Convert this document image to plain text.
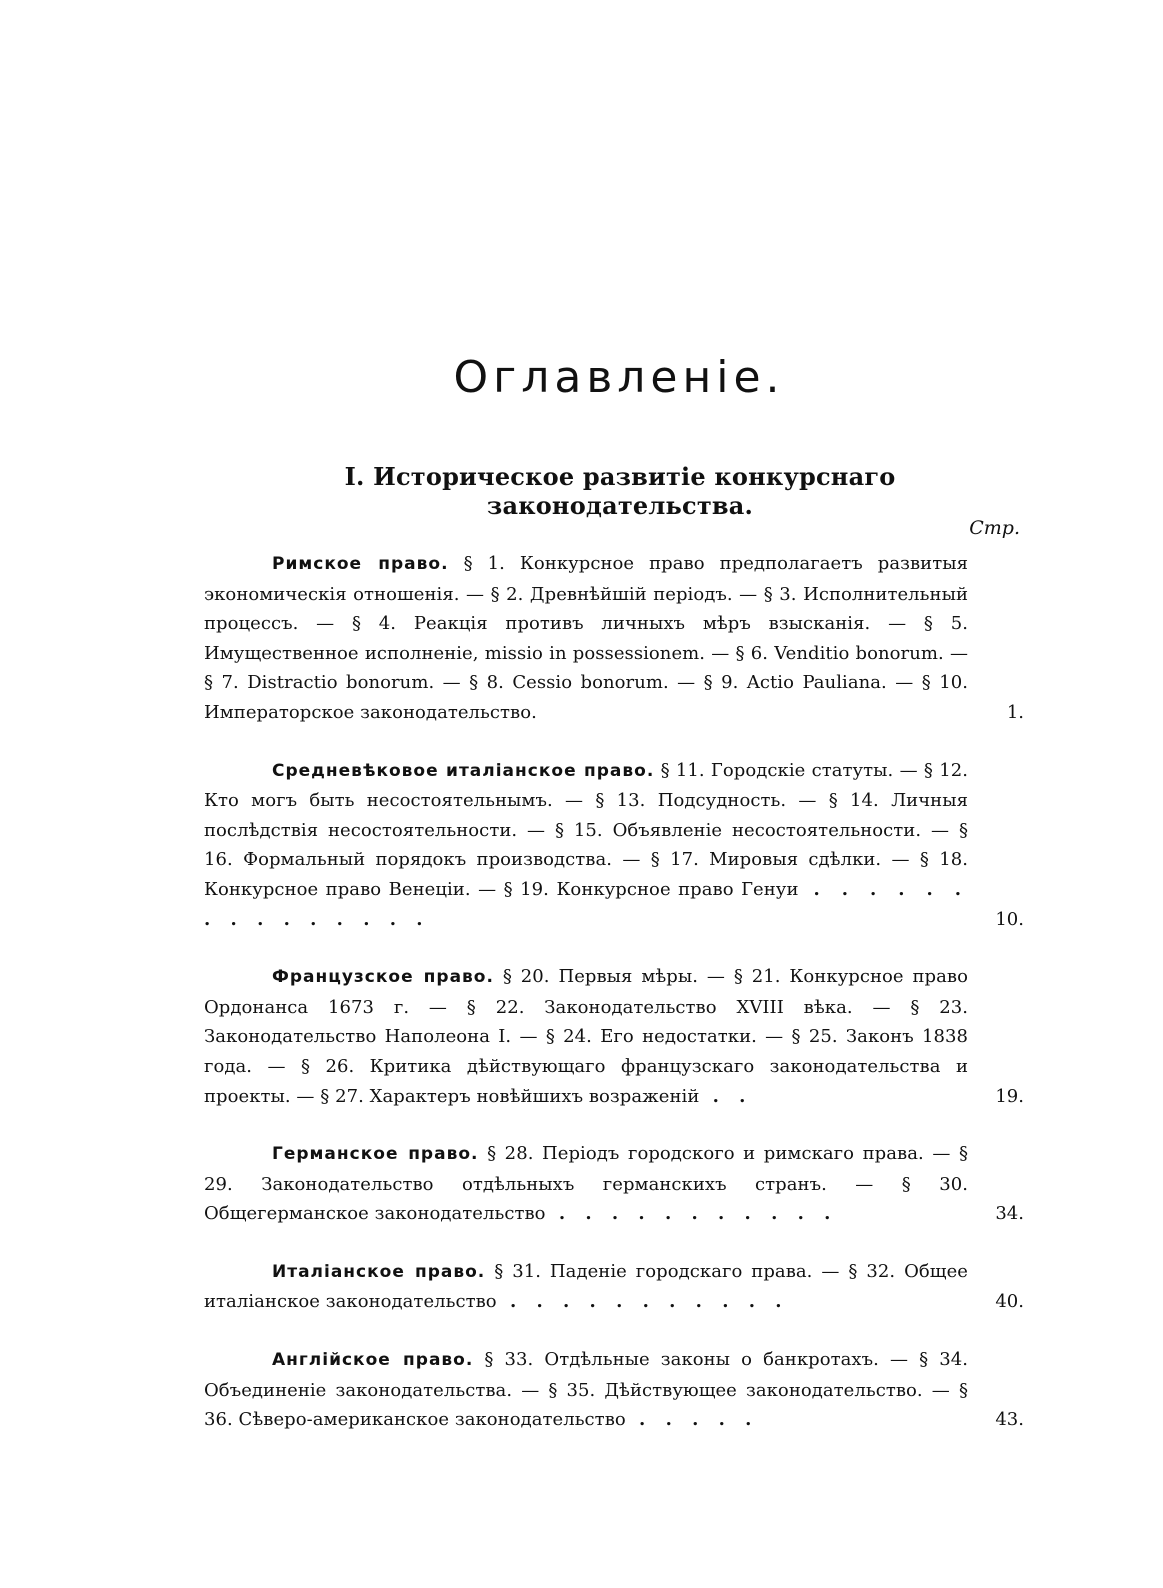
Оглавленіе.
I. Историческое развитіе конкурснаго законодательства.
Стр.
Римское право. § 1. Конкурсное право предполагаетъ развитыя экономическія отношенія. — § 2. Древнѣйшій періодъ. — § 3. Исполнительный процессъ. — § 4. Реакція противъ личныхъ мѣръ взысканія. — § 5. Имущественное исполненіе, missio in possessionem. — § 6. Venditio bonorum. — § 7. Distractio bonorum. — § 8. Cessio bonorum. — § 9. Actio Pauliana. — § 10. Императорское законодательство.	1.
Средневѣковое италіанское право. § 11. Городскіе статуты. — § 12. Кто могъ быть несостоятельнымъ. — § 13. Подсудность. — § 14. Личныя послѣдствія несостоятельности. — § 15. Объявленіе несостоятельности. — § 16. Формальный порядокъ производства. — § 17. Мировыя сдѣлки. — § 18. Конкурсное право Венеціи. — § 19. Конкурсное право Генуи . . . . . . . . . . . . . . .	10.
Французское право. § 20. Первыя мѣры. — § 21. Конкурсное право Ордонанса 1673 г. — § 22. Законодательство XVIII вѣка. — § 23. Законодательство Наполеона I. — § 24. Его недостатки. — § 25. Законъ 1838 года. — § 26. Критика дѣйствующаго французскаго законодательства и проекты. — § 27. Характеръ новѣйшихъ возраженій . .	19.
Германское право. § 28. Періодъ городского и римскаго права. — § 29. Законодательство отдѣльныхъ германскихъ странъ. — § 30. Общегерманское законодательство . . . . . . . . . . .	34.
Италіанское право. § 31. Паденіе городскаго права. — § 32. Общее италіанское законодательство . . . . . . . . . . .	40.
Англійское право. § 33. Отдѣльные законы о банкротахъ. — § 34. Объединеніе законодательства. — § 35. Дѣйствующее законодательство. — § 36. Сѣверо-американское законодательство . . . . .	43.
